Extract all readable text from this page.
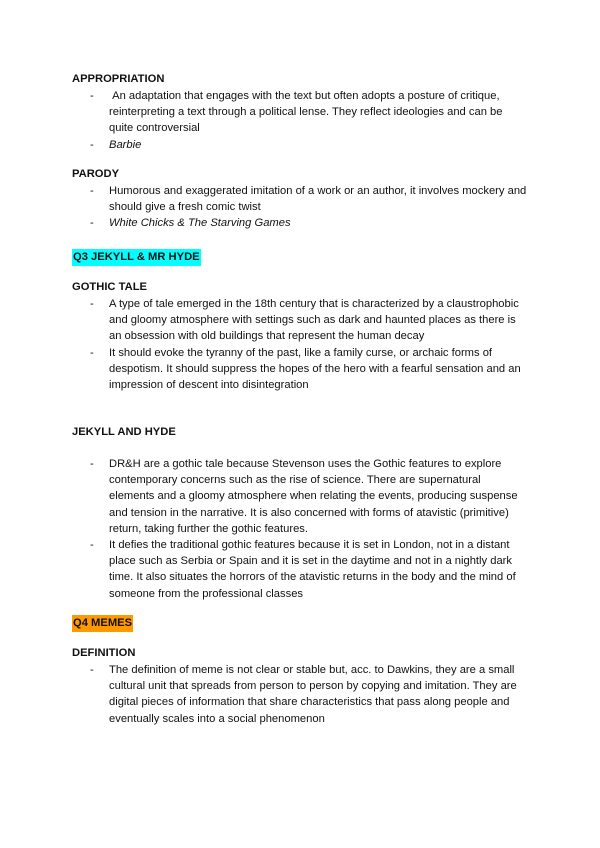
APPROPRIATION
- An adaptation that engages with the text but often adopts a posture of critique, reinterpreting a text through a political lense. They reflect ideologies and can be quite controversial
- Barbie
PARODY
- Humorous and exaggerated imitation of a work or an author, it involves mockery and should give a fresh comic twist
- White Chicks & The Starving Games
Q3 JEKYLL & MR HYDE
GOTHIC TALE
- A type of tale emerged in the 18th century that is characterized by a claustrophobic and gloomy atmosphere with settings such as dark and haunted places as there is an obsession with old buildings that represent the human decay
- It should evoke the tyranny of the past, like a family curse, or archaic forms of despotism. It should suppress the hopes of the hero with a fearful sensation and an impression of descent into disintegration
JEKYLL AND HYDE
- DR&H are a gothic tale because Stevenson uses the Gothic features to explore contemporary concerns such as the rise of science. There are supernatural elements and a gloomy atmosphere when relating the events, producing suspense and tension in the narrative. It is also concerned with forms of atavistic (primitive) return, taking further the gothic features.
- It defies the traditional gothic features because it is set in London, not in a distant place such as Serbia or Spain and it is set in the daytime and not in a nightly dark time. It also situates the horrors of the atavistic returns in the body and the mind of someone from the professional classes
Q4 MEMES
DEFINITION
- The definition of meme is not clear or stable but, acc. to Dawkins, they are a small cultural unit that spreads from person to person by copying and imitation. They are digital pieces of information that share characteristics that pass along people and eventually scales into a social phenomenon
